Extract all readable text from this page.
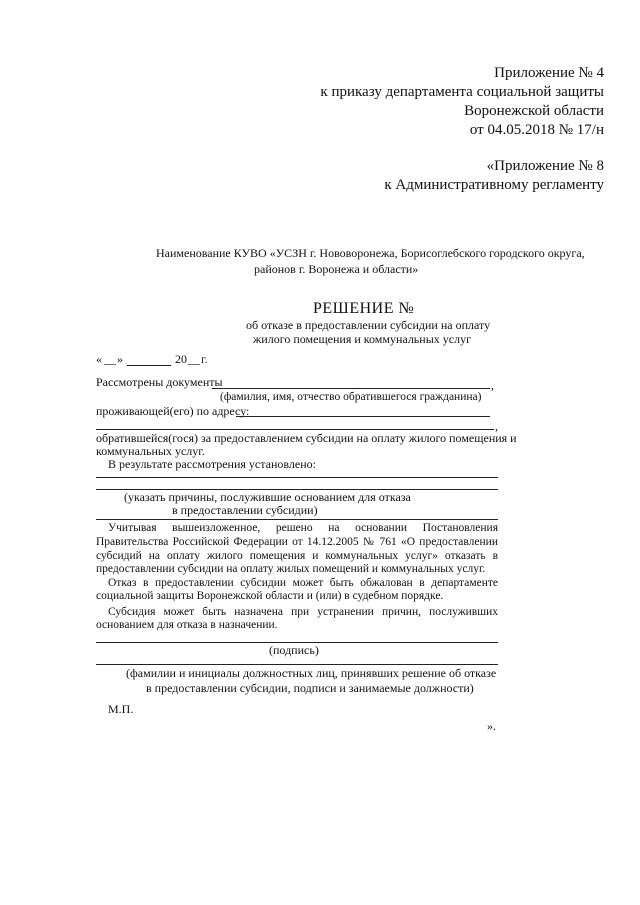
Приложение № 4
к приказу департамента социальной защиты
Воронежской области
от 04.05.2018 № 17/н
«Приложение № 8
к Административному регламенту
Наименование КУВО «УСЗН г. Нововоронежа, Борисоглебского городского округа,
районов г. Воронежа и области»
РЕШЕНИЕ №
об отказе в предоставлении субсидии на оплату
жилого помещения и коммунальных услуг
« __ »	20 __ г.
Рассмотрены документы	,
(фамилия, имя, отчество обратившегося гражданина)
проживающей(его) по адресу:
,
обратившейся(гося) за предоставлением субсидии на оплату жилого помещения и
коммунальных услуг.
В результате рассмотрения установлено:
(указать причины, послужившие основанием для отказа
в предоставлении субсидии)
Учитывая вышеизложенное, решено на основании Постановления
Правительства Российской Федерации от 14.12.2005 № 761 «О предоставлении
субсидий на оплату жилого помещения и коммунальных услуг» отказать в
предоставлении субсидии на оплату жилых помещений и коммунальных услуг.
Отказ в предоставлении субсидии может быть обжалован в департаменте
социальной защиты Воронежской области и (или) в судебном порядке.
Субсидия может быть назначена при устранении причин, послуживших
основанием для отказа в назначении.
(подпись)
(фамилии и инициалы должностных лиц, принявших решение об отказе
в предоставлении субсидии, подписи и занимаемые должности)
М.П.
».
